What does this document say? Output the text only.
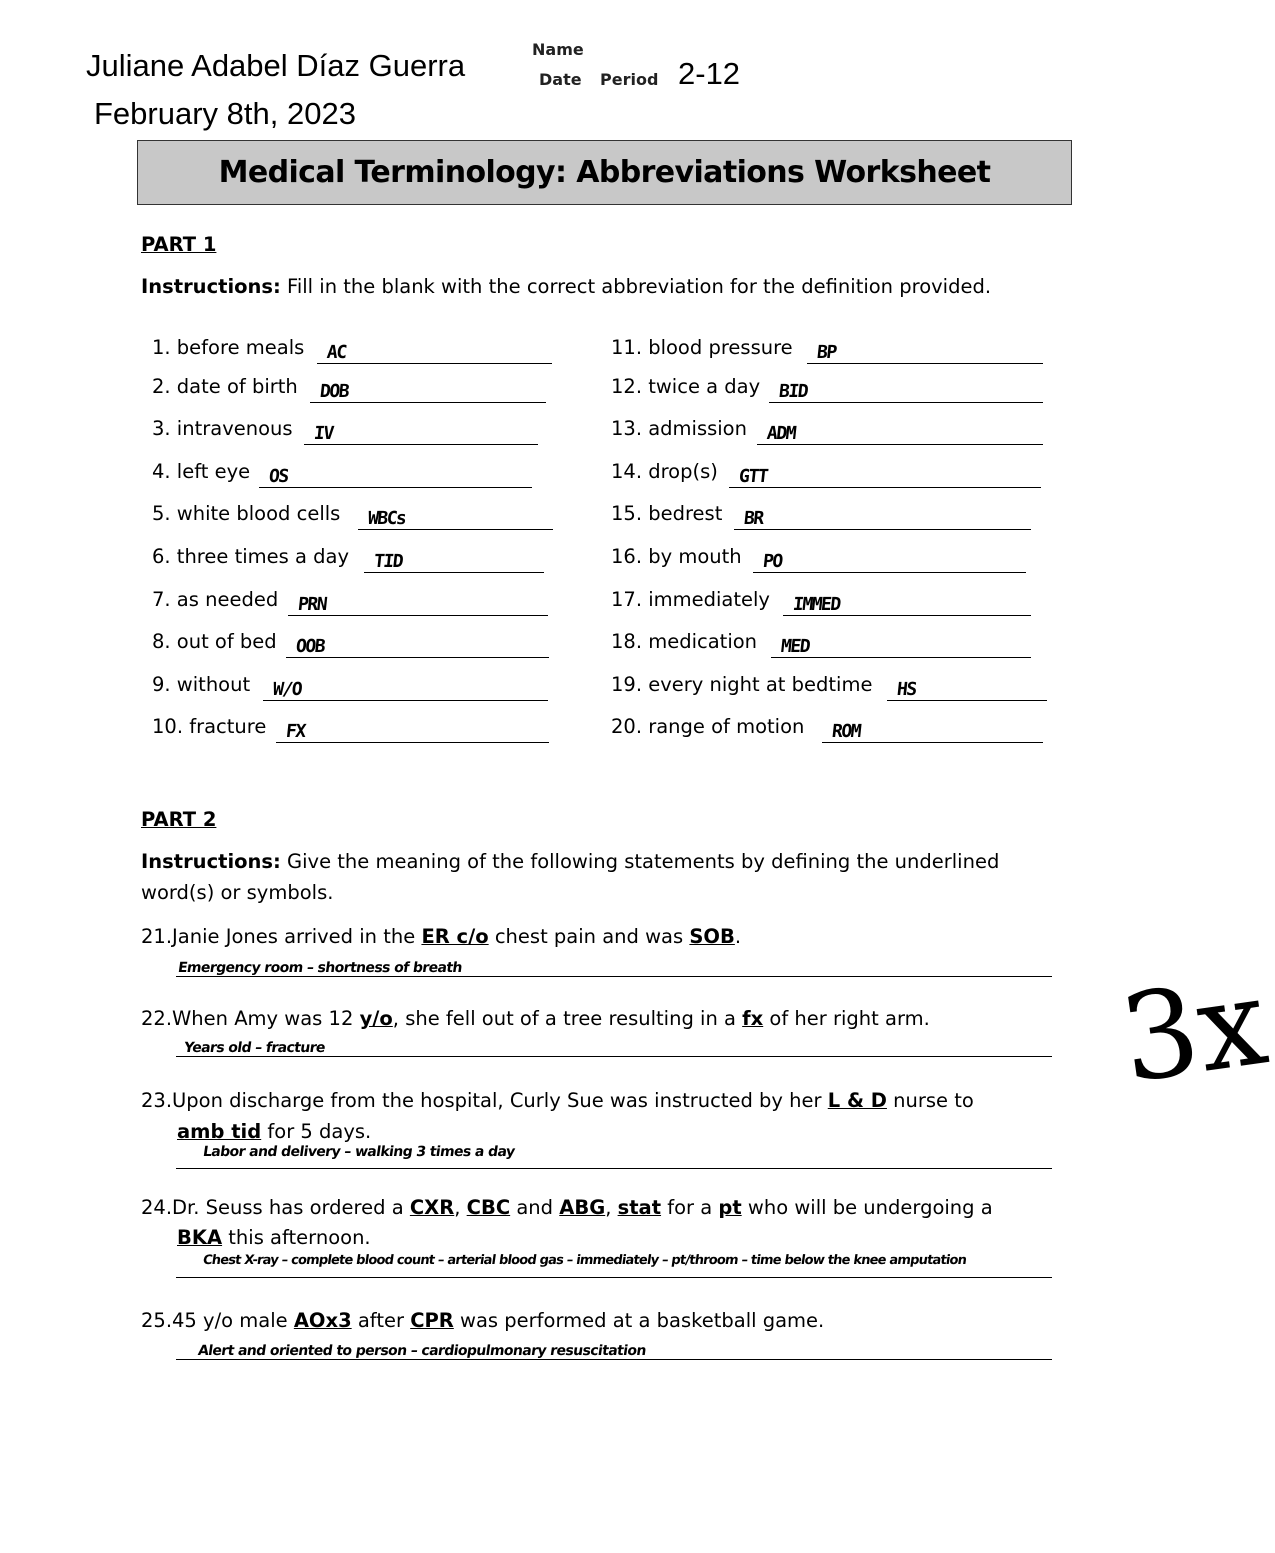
Juliane Adabel Díaz Guerra
February 8th, 2023
Name
Date Period 2-12
Medical Terminology: Abbreviations Worksheet
PART 1
Instructions: Fill in the blank with the correct abbreviation for the definition provided.
1. before meals AC
2. date of birth DOB
3. intravenous IV
4. left eye OS
5. white blood cells WBCs
6. three times a day TID
7. as needed PRN
8. out of bed OOB
9. without W/O
10. fracture FX
11. blood pressure BP
12. twice a day BID
13. admission ADM
14. drop(s) GTT
15. bedrest BR
16. by mouth PO
17. immediately IMMED
18. medication MED
19. every night at bedtime HS
20. range of motion ROM
PART 2
Instructions: Give the meaning of the following statements by defining the underlined
word(s) or symbols.
21.Janie Jones arrived in the ER c/o chest pain and was SOB.
Emergency room – shortness of breath
22.When Amy was 12 y/o, she fell out of a tree resulting in a fx of her right arm.
Years old – fracture
23.Upon discharge from the hospital, Curly Sue was instructed by her L & D nurse to
amb tid for 5 days.
Labor and delivery – walking 3 times a day
24.Dr. Seuss has ordered a CXR, CBC and ABG, stat for a pt who will be undergoing a
BKA this afternoon.
Chest X-ray – complete blood count – arterial blood gas – immediately – pt/throom – time below the knee amputation
25.45 y/o male AOx3 after CPR was performed at a basketball game.
Alert and oriented to person – cardiopulmonary resuscitation
3x
